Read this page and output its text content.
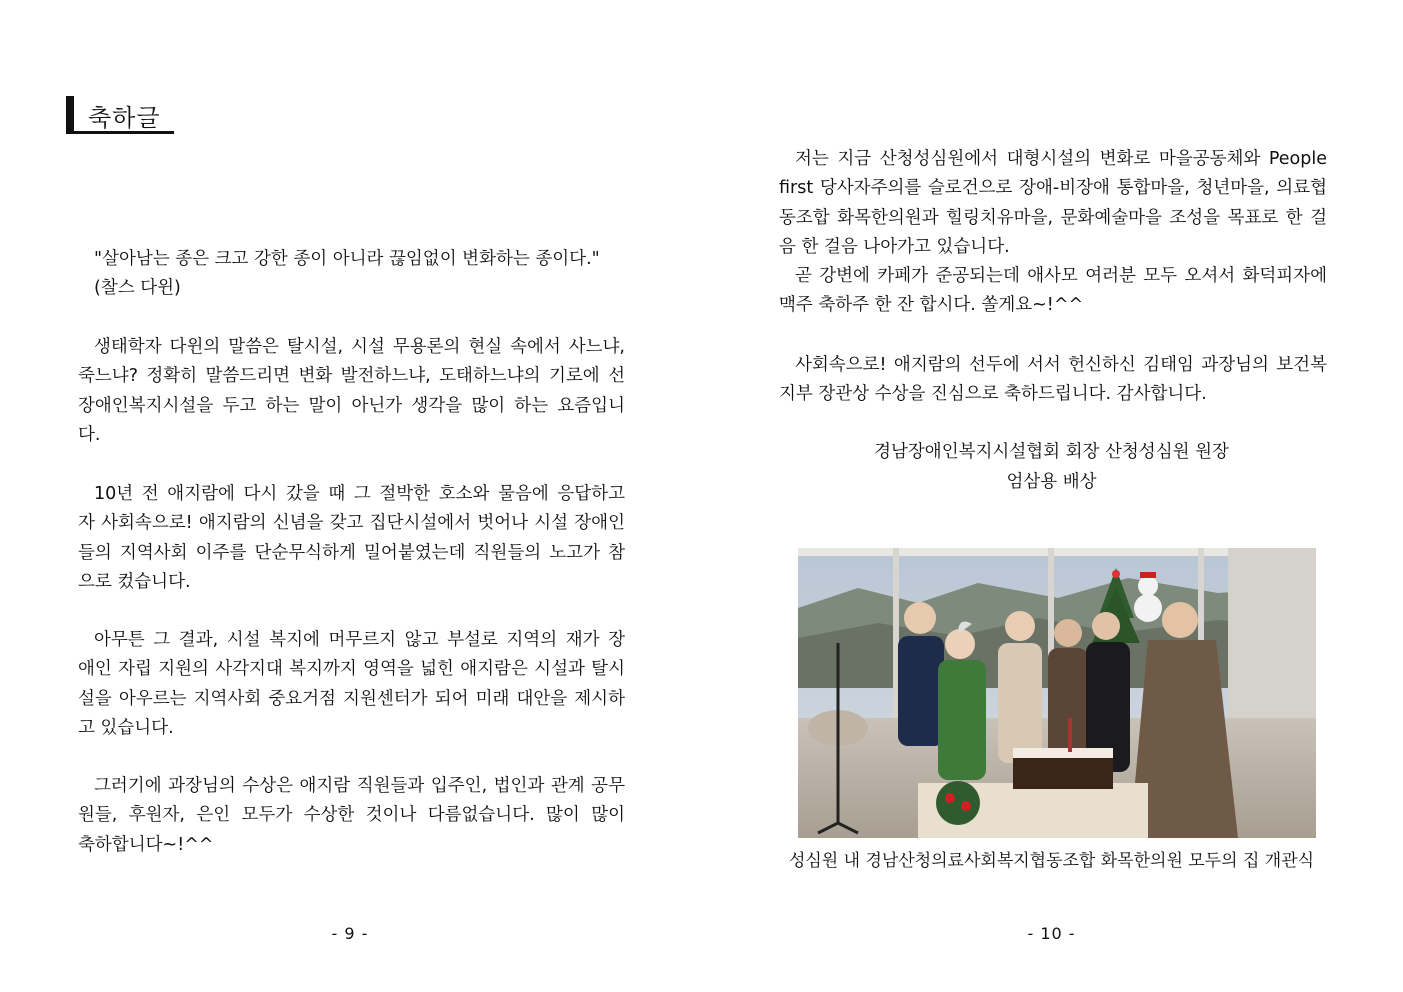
축하글
"살아남는 종은 크고 강한 종이 아니라 끊임없이 변화하는 종이다."
(찰스 다윈)
생태학자 다윈의 말씀은 탈시설, 시설 무용론의 현실 속에서 사느냐,
죽느냐? 정확히 말씀드리면 변화 발전하느냐, 도태하느냐의 기로에 선
장애인복지시설을 두고 하는 말이 아닌가 생각을 많이 하는 요즘입니
다.
10년 전 애지람에 다시 갔을 때 그 절박한 호소와 물음에 응답하고
자 사회속으로! 애지람의 신념을 갖고 집단시설에서 벗어나 시설 장애인
들의 지역사회 이주를 단순무식하게 밀어붙였는데 직원들의 노고가 참
으로 컸습니다.
아무튼 그 결과, 시설 복지에 머무르지 않고 부설로 지역의 재가 장
애인 자립 지원의 사각지대 복지까지 영역을 넓힌 애지람은 시설과 탈시
설을 아우르는 지역사회 중요거점 지원센터가 되어 미래 대안을 제시하
고 있습니다.
그러기에 과장님의 수상은 애지람 직원들과 입주인, 법인과 관계 공무
원들, 후원자, 은인 모두가 수상한 것이나 다름없습니다. 많이 많이
축하합니다~!^^
- 9 -
저는 지금 산청성심원에서 대형시설의 변화로 마을공동체와 People
first 당사자주의를 슬로건으로 장애-비장애 통합마을, 청년마을, 의료협
동조합 화목한의원과 힐링치유마을, 문화예술마을 조성을 목표로 한 걸
음 한 걸음 나아가고 있습니다.
곧 강변에 카페가 준공되는데 애사모 여러분 모두 오셔서 화덕피자에
맥주 축하주 한 잔 합시다. 쏠게요~!^^
사회속으로! 애지람의 선두에 서서 헌신하신 김태임 과장님의 보건복
지부 장관상 수상을 진심으로 축하드립니다. 감사합니다.
경남장애인복지시설협회 회장 산청성심원 원장
엄삼용 배상
성심원 내 경남산청의료사회복지협동조합 화목한의원 모두의 집 개관식
- 10 -
